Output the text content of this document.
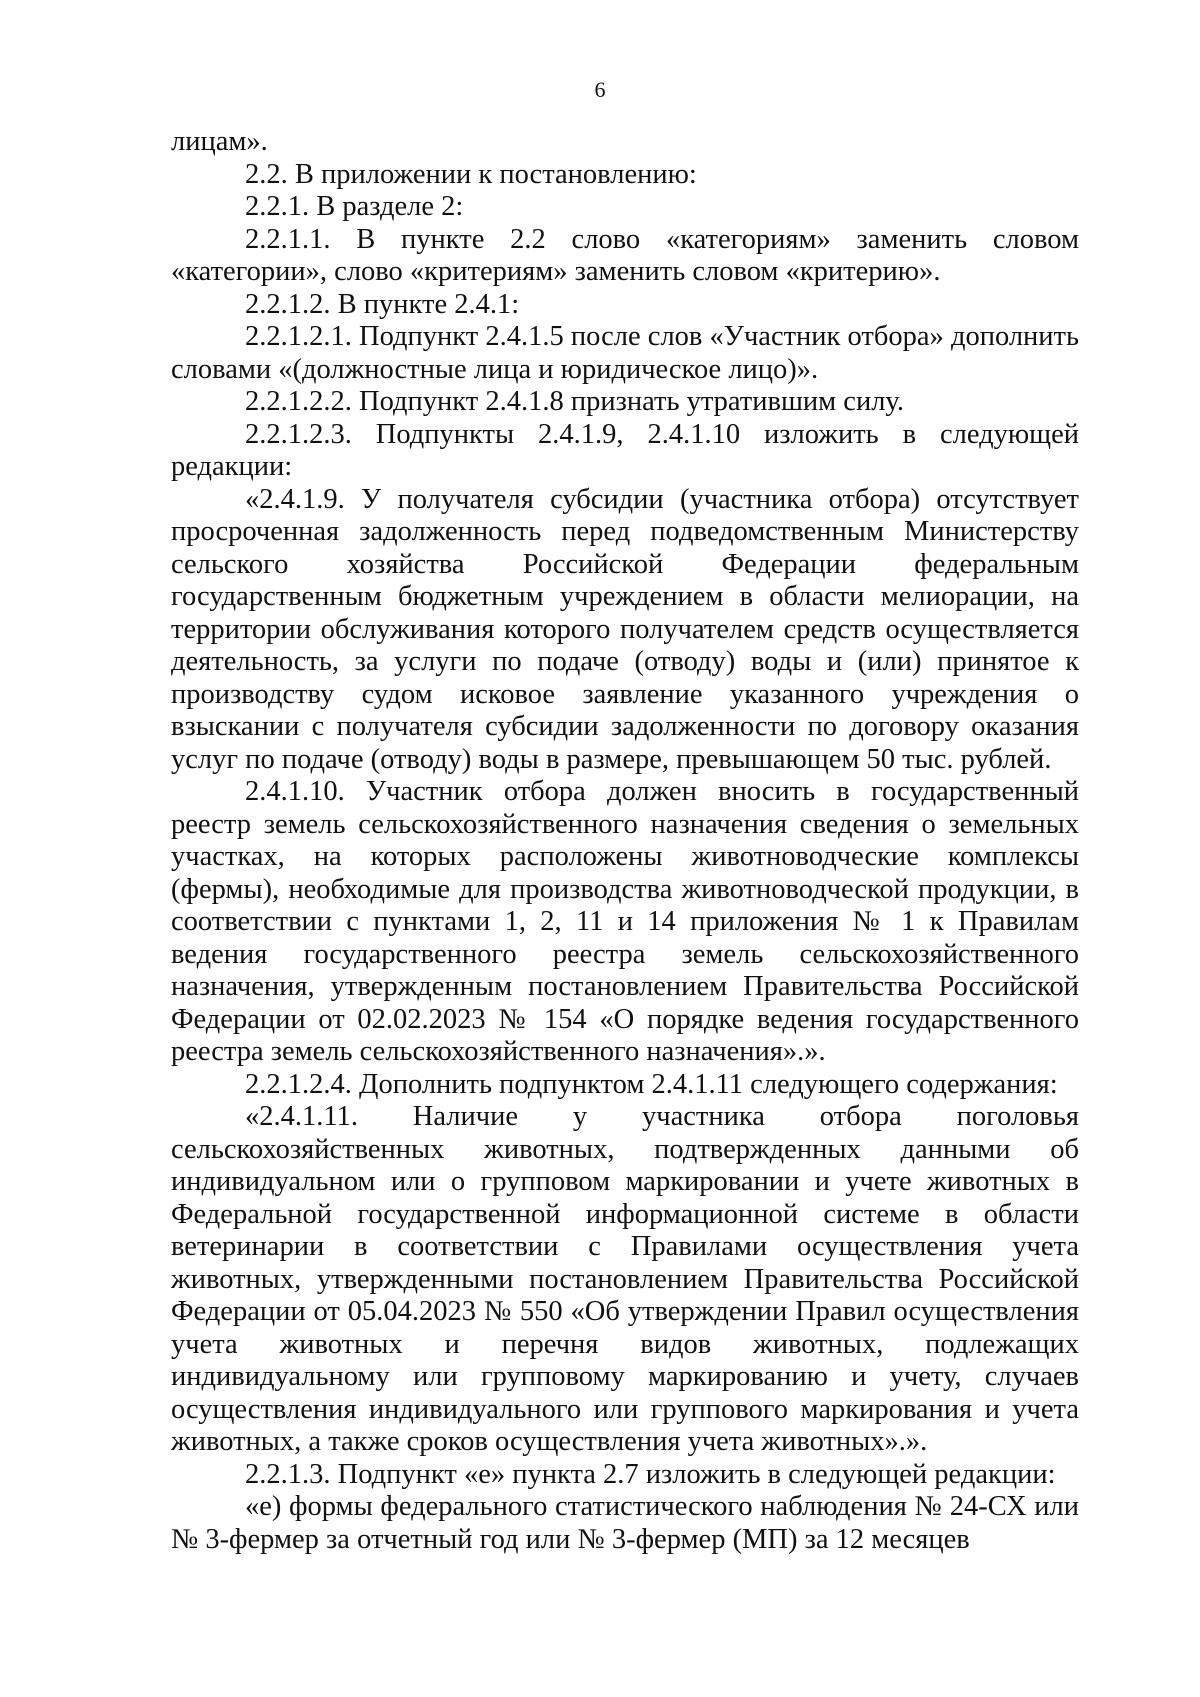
6

лицам».

2.2. В приложении к постановлению:

2.2.1. В разделе 2:

2.2.1.1. В пункте 2.2 слово «категориям» заменить словом «категории», слово «критериям» заменить словом «критерию».

2.2.1.2. В пункте 2.4.1:

2.2.1.2.1. Подпункт 2.4.1.5 после слов «Участник отбора» дополнить словами «(должностные лица и юридическое лицо)».

2.2.1.2.2. Подпункт 2.4.1.8 признать утратившим силу.

2.2.1.2.3. Подпункты 2.4.1.9, 2.4.1.10 изложить в следующей редакции:

«2.4.1.9. У получателя субсидии (участника отбора) отсутствует просроченная задолженность перед подведомственным Министерству сельского хозяйства Российской Федерации федеральным государственным бюджетным учреждением в области мелиорации, на территории обслуживания которого получателем средств осуществляется деятельность, за услуги по подаче (отводу) воды и (или) принятое к производству судом исковое заявление указанного учреждения о взыскании с получателя субсидии задолженности по договору оказания услуг по подаче (отводу) воды в размере, превышающем 50 тыс. рублей.

2.4.1.10. Участник отбора должен вносить в государственный реестр земель сельскохозяйственного назначения сведения о земельных участках, на которых расположены животноводческие комплексы (фермы), необходимые для производства животноводческой продукции, в соответствии с пунктами 1, 2, 11 и 14 приложения № 1 к Правилам ведения государственного реестра земель сельскохозяйственного назначения, утвержденным постановлением Правительства Российской Федерации от 02.02.2023 № 154 «О порядке ведения государственного реестра земель сельскохозяйственного назначения».».

2.2.1.2.4. Дополнить подпунктом 2.4.1.11 следующего содержания:

«2.4.1.11. Наличие у участника отбора поголовья сельскохозяйственных животных, подтвержденных данными об индивидуальном или о групповом маркировании и учете животных в Федеральной государственной информационной системе в области ветеринарии в соответствии с Правилами осуществления учета животных, утвержденными постановлением Правительства Российской Федерации от 05.04.2023 № 550 «Об утверждении Правил осуществления учета животных и перечня видов животных, подлежащих индивидуальному или групповому маркированию и учету, случаев осуществления индивидуального или группового маркирования и учета животных, а также сроков осуществления учета животных».».

2.2.1.3. Подпункт «е» пункта 2.7 изложить в следующей редакции:

«е) формы федерального статистического наблюдения № 24-СХ или № 3-фермер за отчетный год или № 3-фермер (МП) за 12 месяцев
